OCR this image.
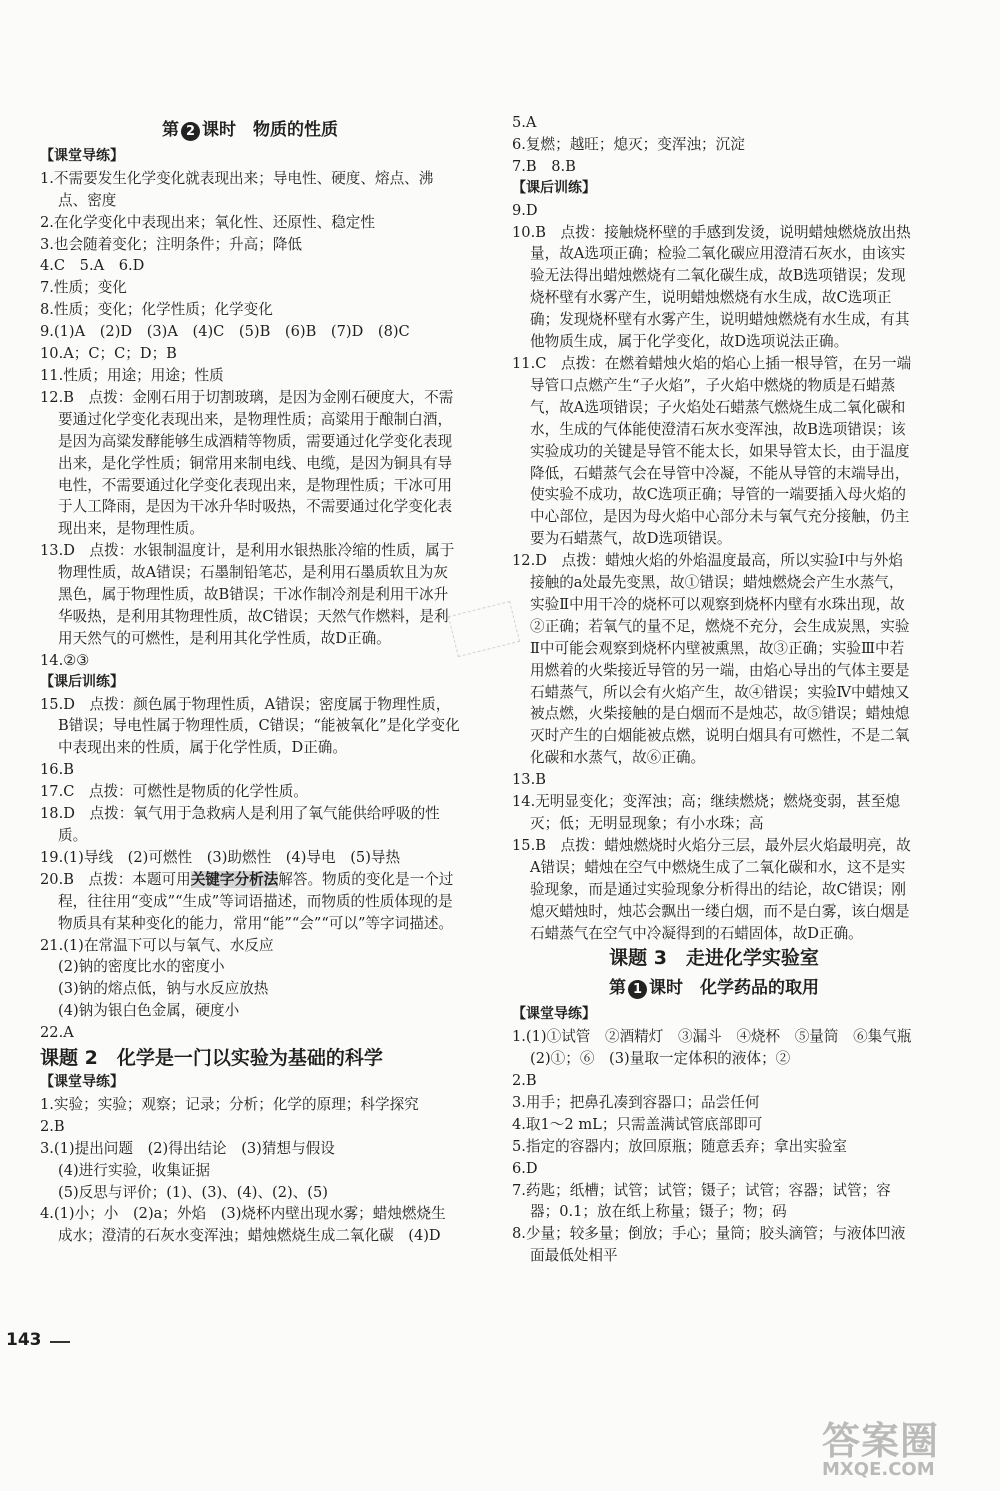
第 2 课时　物质的性质

【课堂导练】

1.不需要发生化学变化就表现出来；导电性、硬度、熔点、沸点、密度

2.在化学变化中表现出来；氧化性、还原性、稳定性

3.也会随着变化；注明条件；升高；降低

4.C　5.A　6.D

7.性质；变化

8.性质；变化；化学性质；化学变化

9.(1)A　(2)D　(3)A　(4)C　(5)B　(6)B　(7)D　(8)C

10.A；C；C；D；B

11.性质；用途；用途；性质

12.B　点拨：金刚石用于切割玻璃，是因为金刚石硬度大，不需要通过化学变化表现出来，是物理性质；高粱用于酿制白酒，是因为高粱发酵能够生成酒精等物质，需要通过化学变化表现出来，是化学性质；铜常用来制电线、电缆，是因为铜具有导电性，不需要通过化学变化表现出来，是物理性质；干冰可用于人工降雨，是因为干冰升华时吸热，不需要通过化学变化表现出来，是物理性质。

13.D　点拨：水银制温度计，是利用水银热胀冷缩的性质，属于物理性质，故A错误；石墨制铅笔芯，是利用石墨质软且为灰黑色，属于物理性质，故B错误；干冰作制冷剂是利用干冰升华吸热，是利用其物理性质，故C错误；天然气作燃料，是利用天然气的可燃性，是利用其化学性质，故D正确。

14.②③

【课后训练】

15.D　点拨：颜色属于物理性质，A错误；密度属于物理性质，B错误；导电性属于物理性质，C错误；“能被氧化”是化学变化中表现出来的性质，属于化学性质，D正确。

16.B

17.C　点拨：可燃性是物质的化学性质。

18.D　点拨：氧气用于急救病人是利用了氧气能供给呼吸的性质。

19.(1)导线　(2)可燃性　(3)助燃性　(4)导电　(5)导热

20.B　点拨：本题可用关键字分析法解答。物质的变化是一个过程，往往用“变成”“生成”等词语描述，而物质的性质体现的是物质具有某种变化的能力，常用“能”“会”“可以”等字词描述。

21.(1)在常温下可以与氧气、水反应

(2)钠的密度比水的密度小

(3)钠的熔点低，钠与水反应放热

(4)钠为银白色金属，硬度小

22.A

课题 2　化学是一门以实验为基础的科学

【课堂导练】

1.实验；实验；观察；记录；分析；化学的原理；科学探究

2.B

3.(1)提出问题　(2)得出结论　(3)猜想与假设

(4)进行实验，收集证据

(5)反思与评价；(1)、(3)、(4)、(2)、(5)

4.(1)小；小　(2)a；外焰　(3)烧杯内壁出现水雾；蜡烛燃烧生成水；澄清的石灰水变浑浊；蜡烛燃烧生成二氧化碳　(4)D

5.A

6.复燃；越旺；熄灭；变浑浊；沉淀

7.B　8.B

【课后训练】

9.D

10.B　点拨：接触烧杯壁的手感到发烫，说明蜡烛燃烧放出热量，故A选项正确；检验二氧化碳应用澄清石灰水，由该实验无法得出蜡烛燃烧有二氧化碳生成，故B选项错误；发现烧杯壁有水雾产生，说明蜡烛燃烧有水生成，故C选项正确；发现烧杯壁有水雾产生，说明蜡烛燃烧有水生成，有其他物质生成，属于化学变化，故D选项说法正确。

11.C　点拨：在燃着蜡烛火焰的焰心上插一根导管，在另一端导管口点燃产生“子火焰”，子火焰中燃烧的物质是石蜡蒸气，故A选项错误；子火焰处石蜡蒸气燃烧生成二氧化碳和水，生成的气体能使澄清石灰水变浑浊，故B选项错误；该实验成功的关键是导管不能太长，如果导管太长，由于温度降低，石蜡蒸气会在导管中冷凝，不能从导管的末端导出，使实验不成功，故C选项正确；导管的一端要插入母火焰的中心部位，是因为母火焰中心部分未与氧气充分接触，仍主要为石蜡蒸气，故D选项错误。

12.D　点拨：蜡烛火焰的外焰温度最高，所以实验Ⅰ中与外焰接触的a处最先变黑，故①错误；蜡烛燃烧会产生水蒸气，实验Ⅱ中用干冷的烧杯可以观察到烧杯内壁有水珠出现，故②正确；若氧气的量不足，燃烧不充分，会生成炭黑，实验Ⅱ中可能会观察到烧杯内壁被熏黑，故③正确；实验Ⅲ中若用燃着的火柴接近导管的另一端，由焰心导出的气体主要是石蜡蒸气，所以会有火焰产生，故④错误；实验Ⅳ中蜡烛又被点燃，火柴接触的是白烟而不是烛芯，故⑤错误；蜡烛熄灭时产生的白烟能被点燃，说明白烟具有可燃性，不是二氧化碳和水蒸气，故⑥正确。

13.B

14.无明显变化；变浑浊；高；继续燃烧；燃烧变弱，甚至熄灭；低；无明显现象；有小水珠；高

15.B　点拨：蜡烛燃烧时火焰分三层，最外层火焰最明亮，故A错误；蜡烛在空气中燃烧生成了二氧化碳和水，这不是实验现象，而是通过实验现象分析得出的结论，故C错误；刚熄灭蜡烛时，烛芯会飘出一缕白烟，而不是白雾，该白烟是石蜡蒸气在空气中冷凝得到的石蜡固体，故D正确。

课题 3　走进化学实验室

第 1 课时　化学药品的取用

【课堂导练】

1.(1)①试管　②酒精灯　③漏斗　④烧杯　⑤量筒　⑥集气瓶　(2)①；⑥　(3)量取一定体积的液体；②

2.B

3.用手；把鼻孔凑到容器口；品尝任何

4.取1～2 mL；只需盖满试管底部即可

5.指定的容器内；放回原瓶；随意丢弃；拿出实验室

6.D

7.药匙；纸槽；试管；试管；镊子；试管；容器；试管；容器；0.1；放在纸上称量；镊子；物；码

8.少量；较多量；倒放；手心；量筒；胶头滴管；与液体凹液面最低处相平

143
答案圈
MXQE.COM
